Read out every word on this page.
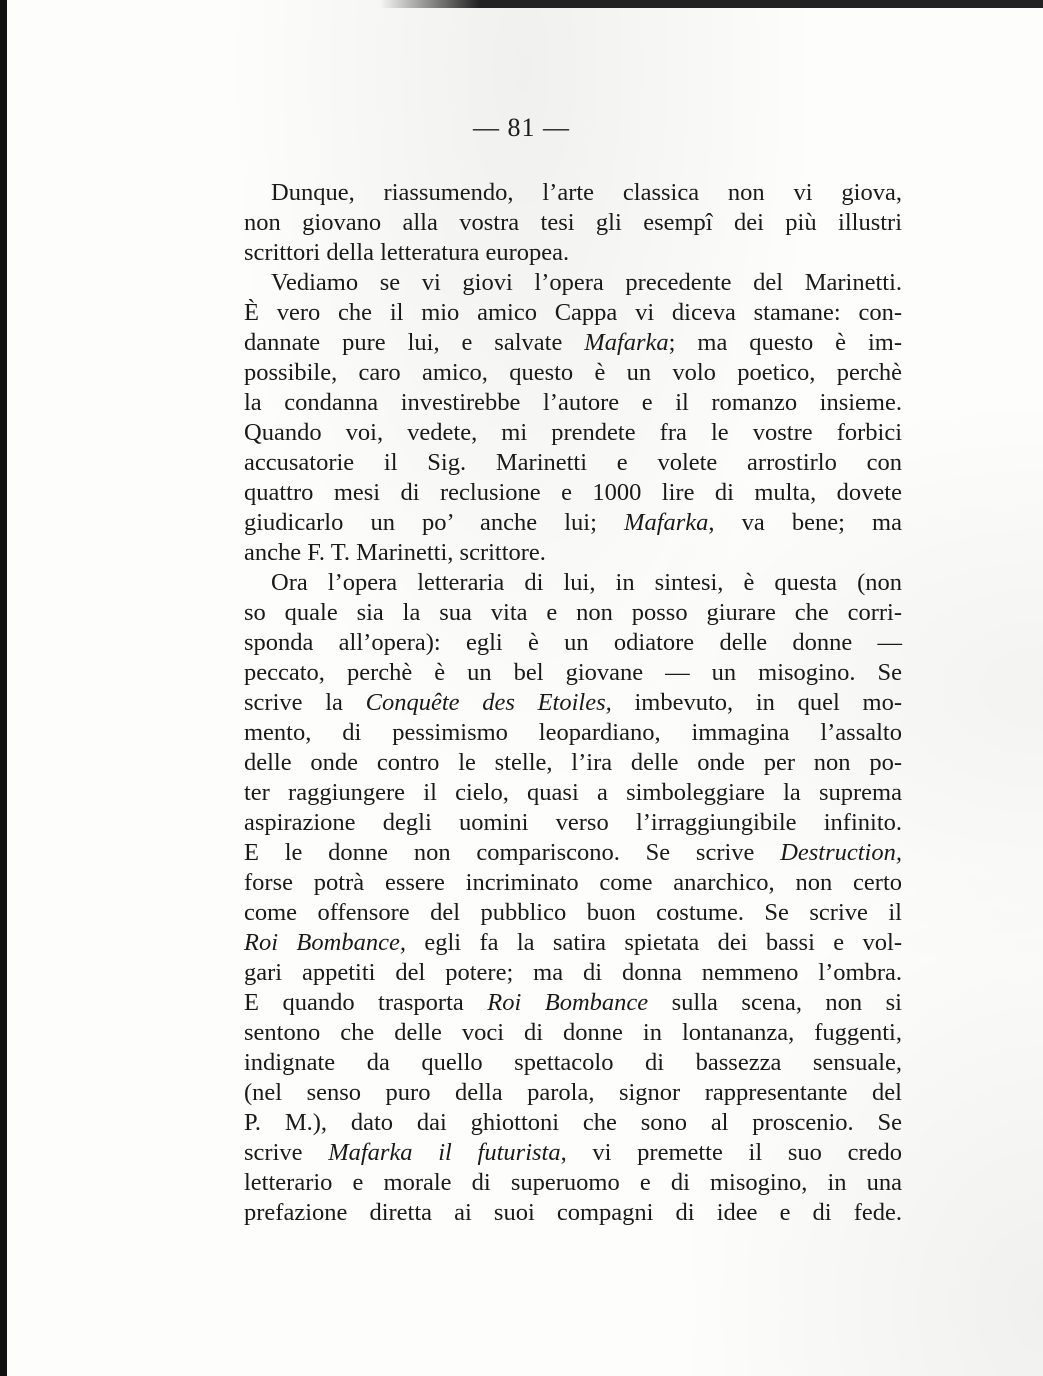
— 81 —
Dunque, riassumendo, l’arte classica non vi giova,
non giovano alla vostra tesi gli esempî dei più illustri
scrittori della letteratura europea.
Vediamo se vi giovi l’opera precedente del Marinetti.
È vero che il mio amico Cappa vi diceva stamane: con-
dannate pure lui, e salvate Mafarka; ma questo è im-
possibile, caro amico, questo è un volo poetico, perchè
la condanna investirebbe l’autore e il romanzo insieme.
Quando voi, vedete, mi prendete fra le vostre forbici
accusatorie il Sig. Marinetti e volete arrostirlo con
quattro mesi di reclusione e 1000 lire di multa, dovete
giudicarlo un po’ anche lui; Mafarka, va bene; ma
anche F. T. Marinetti, scrittore.
Ora l’opera letteraria di lui, in sintesi, è questa (non
so quale sia la sua vita e non posso giurare che corri-
sponda all’opera): egli è un odiatore delle donne —
peccato, perchè è un bel giovane — un misogino. Se
scrive la Conquête des Etoiles, imbevuto, in quel mo-
mento, di pessimismo leopardiano, immagina l’assalto
delle onde contro le stelle, l’ira delle onde per non po-
ter raggiungere il cielo, quasi a simboleggiare la suprema
aspirazione degli uomini verso l’irraggiungibile infinito.
E le donne non compariscono. Se scrive Destruction,
forse potrà essere incriminato come anarchico, non certo
come offensore del pubblico buon costume. Se scrive il
Roi Bombance, egli fa la satira spietata dei bassi e vol-
gari appetiti del potere; ma di donna nemmeno l’ombra.
E quando trasporta Roi Bombance sulla scena, non si
sentono che delle voci di donne in lontananza, fuggenti,
indignate da quello spettacolo di bassezza sensuale,
(nel senso puro della parola, signor rappresentante del
P. M.), dato dai ghiottoni che sono al proscenio. Se
scrive Mafarka il futurista, vi premette il suo credo
letterario e morale di superuomo e di misogino, in una
prefazione diretta ai suoi compagni di idee e di fede.
